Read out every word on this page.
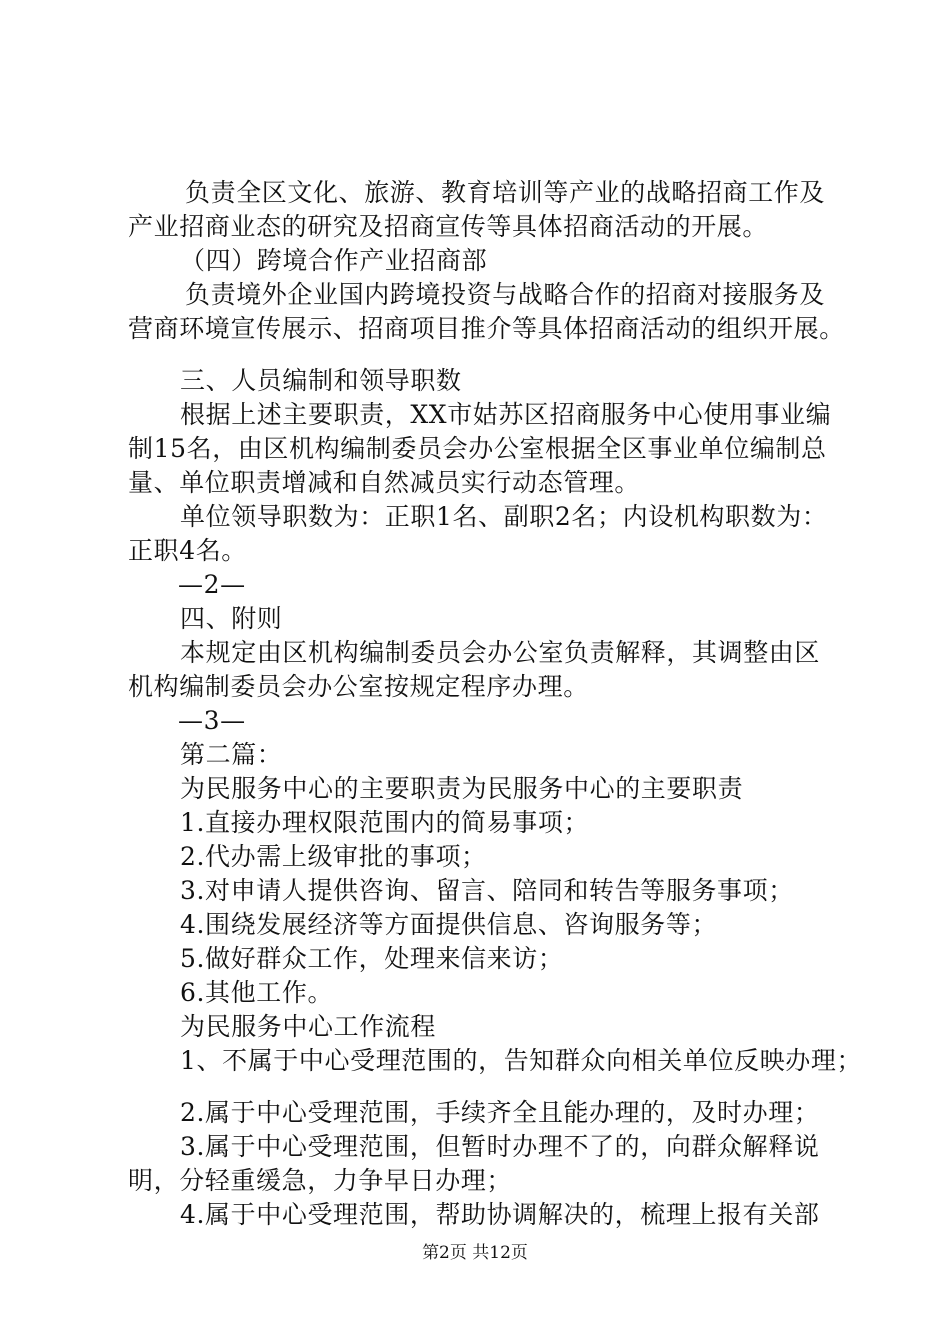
负责全区文化、旅游、教育培训等产业的战略招商工作及
产业招商业态的研究及招商宣传等具体招商活动的开展。
（四）跨境合作产业招商部
负责境外企业国内跨境投资与战略合作的招商对接服务及
营商环境宣传展示、招商项目推介等具体招商活动的组织开展。
三、人员编制和领导职数
根据上述主要职责，XX市姑苏区招商服务中心使用事业编
制15名，由区机构编制委员会办公室根据全区事业单位编制总
量、单位职责增减和自然减员实行动态管理。
单位领导职数为：正职1名、副职2名；内设机构职数为：
正职4名。
—2—
四、附则
本规定由区机构编制委员会办公室负责解释，其调整由区
机构编制委员会办公室按规定程序办理。
—3—
第二篇：
为民服务中心的主要职责为民服务中心的主要职责
1.直接办理权限范围内的简易事项；
2.代办需上级审批的事项；
3.对申请人提供咨询、留言、陪同和转告等服务事项；
4.围绕发展经济等方面提供信息、咨询服务等；
5.做好群众工作，处理来信来访；
6.其他工作。
为民服务中心工作流程
1、不属于中心受理范围的，告知群众向相关单位反映办理；
2.属于中心受理范围，手续齐全且能办理的，及时办理；
3.属于中心受理范围，但暂时办理不了的，向群众解释说
明，分轻重缓急，力争早日办理；
4.属于中心受理范围，帮助协调解决的，梳理上报有关部
第2页 共12页
